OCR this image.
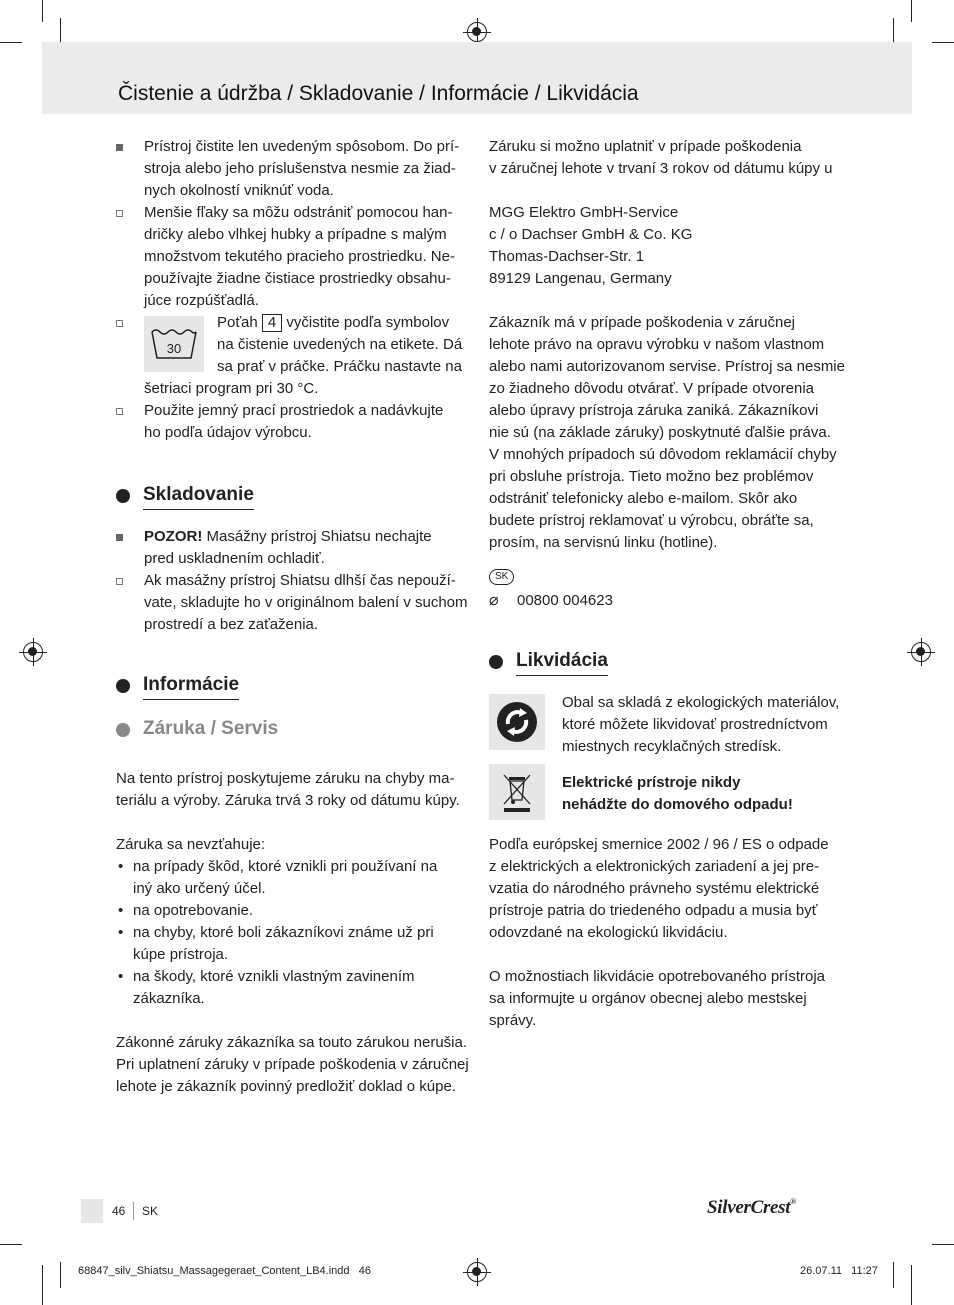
Čistenie a údržba / Skladovanie / Informácie / Likvidácia
Prístroj čistite len uvedeným spôsobom. Do prí-
stroja alebo jeho príslušenstva nesmie za žiad-
nych okolností vniknúť voda.
Menšie fľaky sa môžu odstrániť pomocou han-
dričky alebo vlhkej hubky a prípadne s malým
množstvom tekutého pracieho prostriedku. Ne-
používajte žiadne čistiace prostriedky obsahu-
júce rozpúšťadlá.
30
Poťah 4 vyčistite podľa symbolov
na čistenie uvedených na etikete. Dá
sa prať v práčke. Práčku nastavte na
šetriaci program pri 30 °C.
Použite jemný prací prostriedok a nadávkujte
ho podľa údajov výrobcu.
Skladovanie
POZOR! Masážny prístroj Shiatsu nechajte
pred uskladnením ochladiť.
Ak masážny prístroj Shiatsu dlhší čas nepouží-
vate, skladujte ho v originálnom balení v suchom
prostredí a bez zaťaženia.
Informácie
Záruka / Servis
Na tento prístroj poskytujeme záruku na chyby ma-
teriálu a výroby. Záruka trvá 3 roky od dátumu kúpy.
Záruka sa nevzťahuje:
• na prípady škôd, ktoré vznikli pri používaní na
iný ako určený účel.
• na opotrebovanie.
• na chyby, ktoré boli zákazníkovi známe už pri
kúpe prístroja.
• na škody, ktoré vznikli vlastným zavinením
zákazníka.
Zákonné záruky zákazníka sa touto zárukou nerušia.
Pri uplatnení záruky v prípade poškodenia v záručnej
lehote je zákazník povinný predložiť doklad o kúpe.
Záruku si možno uplatniť v prípade poškodenia
v záručnej lehote v trvaní 3 rokov od dátumu kúpy u
MGG Elektro GmbH-Service
c / o Dachser GmbH & Co. KG
Thomas-Dachser-Str. 1
89129 Langenau, Germany
Zákazník má v prípade poškodenia v záručnej
lehote právo na opravu výrobku v našom vlastnom
alebo nami autorizovanom servise. Prístroj sa nesmie
zo žiadneho dôvodu otvárať. V prípade otvorenia
alebo úpravy prístroja záruka zaniká. Zákazníkovi
nie sú (na základe záruky) poskytnuté ďalšie práva.
V mnohých prípadoch sú dôvodom reklamácií chyby
pri obsluhe prístroja. Tieto možno bez problémov
odstrániť telefonicky alebo e-mailom. Skôr ako
budete prístroj reklamovať u výrobcu, obráťte sa,
prosím, na servisnú linku (hotline).
SK
⌀ 00800 004623
Likvidácia
Obal sa skladá z ekologických materiálov,
ktoré môžete likvidovať prostredníctvom
miestnych recyklačných stredísk.
Elektrické prístroje nikdy
nehádžte do domového odpadu!
Podľa európskej smernice 2002 / 96 / ES o odpade
z elektrických a elektronických zariadení a jej pre-
vzatia do národného právneho systému elektrické
prístroje patria do triedeného odpadu a musia byť
odovzdané na ekologickú likvidáciu.
O možnostiach likvidácie opotrebovaného prístroja
sa informujte u orgánov obecnej alebo mestskej
správy.
46 SK	SilverCrest®
68847_silv_Shiatsu_Massagegeraet_Content_LB4.indd   46	26.07.11   11:27
